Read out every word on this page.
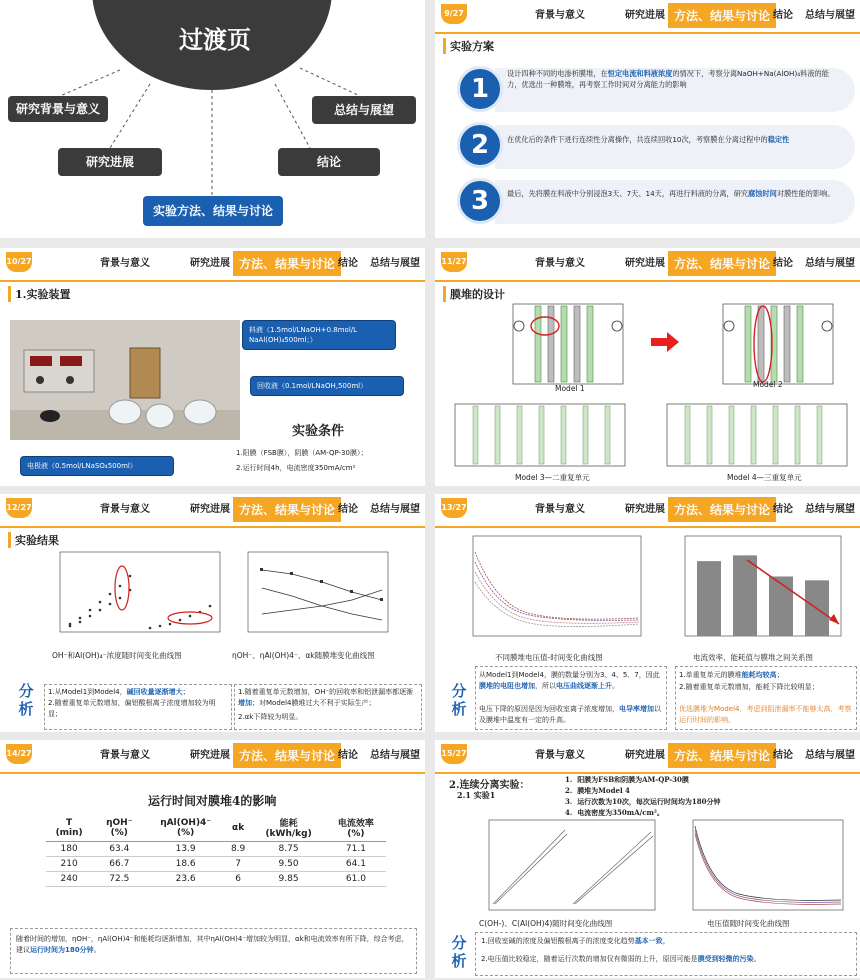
过渡页
研究背景与意义
研究进展
实验方法、结果与讨论
结论
总结与展望
9/27	背景与意义	研究进展 方法、结果与讨论 结论 总结与展望
实验方案
1
设计四种不同的电渗析膜堆，在恒定电流和料液浓度的情况下，考察分离NaOH+Na(AlOH)₄料液的能力，优选出一种膜堆，再考察工作时间对分离能力的影响
2	在优化后的条件下进行连续性分离操作，共连续回收10次，考察膜在分离过程中的稳定性
3	最后，先将膜在料液中分别浸泡3天、7天、14天，再进行料液的分离，研究腐蚀时间对膜性能的影响。
10/27	背景与意义	研究进展 方法、结果与讨论 结论 总结与展望
1.实验装置
料液（1.5mol/LNaOH+0.8mol/L NaAl(OH)₄500ml；）
回收液（0.1mol/LNaOH,500ml）
电极液（0.5mol/LNaSO₄500ml）
实验条件
1.阳膜（FSB膜），阴膜（AM-QP-30膜）；
2.运行时间4h，电流密度350mA/cm²
11/27	背景与意义	研究进展 方法、结果与讨论 结论 总结与展望
膜堆的设计
Model 1	Model 2
Model 3—二重复单元	Model 4—三重复单元
12/27	背景与意义	研究进展 方法、结果与讨论 结论 总结与展望
实验结果
OH⁻和Al(OH)₄⁻浓度随时间变化曲线图	ηOH⁻、ηAl(OH)4⁻、αk随膜堆变化曲线图
分析
1.从Model1到Model4，碱回收量逐渐增大；
2.随着重复单元数增加，偏铝酸根离子浓度增加较为明显；
1.随着重复单元数增加，OH⁻的回收率和铝泄漏率都逐渐增加；对Model4膜堆过大不利于实际生产；
2.αk下降较为明显。
13/27	背景与意义	研究进展 方法、结果与讨论 结论 总结与展望
不同膜堆电压值-时间变化曲线图	电流效率、能耗值与膜堆之间关系图
分析
从Model1到Model4，膜的数量分别为3、4、5、7，因此膜堆的电阻也增加，所以电压曲线逐渐上升。
电压下降的原因是因为回收室离子浓度增加，电导率增加以及膜堆中温度有一定的升高。
1.单重复单元的膜堆能耗均较高；
2.随着重复单元数增加，能耗下降比较明显；
优选膜堆为Model4，考虑到阻泄漏率不能够太高，考察运行时间的影响。
14/27	背景与意义	研究进展 方法、结果与讨论 结论 总结与展望
运行时间对膜堆4的影响
T (min)	ηOH⁻ (%)	ηAl(OH)4⁻ (%)	αk	能耗 (kWh/kg)	电流效率 (%)
180	63.4	13.9	8.9	8.75	71.1
210	66.7	18.6	7	9.50	64.1
240	72.5	23.6	6	9.85	61.0
随着时间的增加，ηOH⁻，ηAl(OH)4⁻和能耗均逐渐增加，其中ηAl(OH)4⁻增加较为明显，αk和电流效率有所下降，综合考虑，建议运行时间为180分钟。
15/27	背景与意义	研究进展 方法、结果与讨论 结论 总结与展望
2.连续分离实验：
2.1 实验1
1.  阳膜为FSB和阴膜为AM-QP-30膜
2.  膜堆为Model 4
3.  运行次数为10次，每次运行时间均为180分钟
4.  电流密度为350mA/cm²。
C(OH-)、C(Al(OH)4)随时间变化曲线图	电压值随时间变化曲线图
分析
1.回收室碱的浓度及偏铝酸根离子的浓度变化趋势基本一致，
2.电压值比较稳定，随着运行次数的增加仅有微弱的上升，原因可能是膜受到轻微的污染。
